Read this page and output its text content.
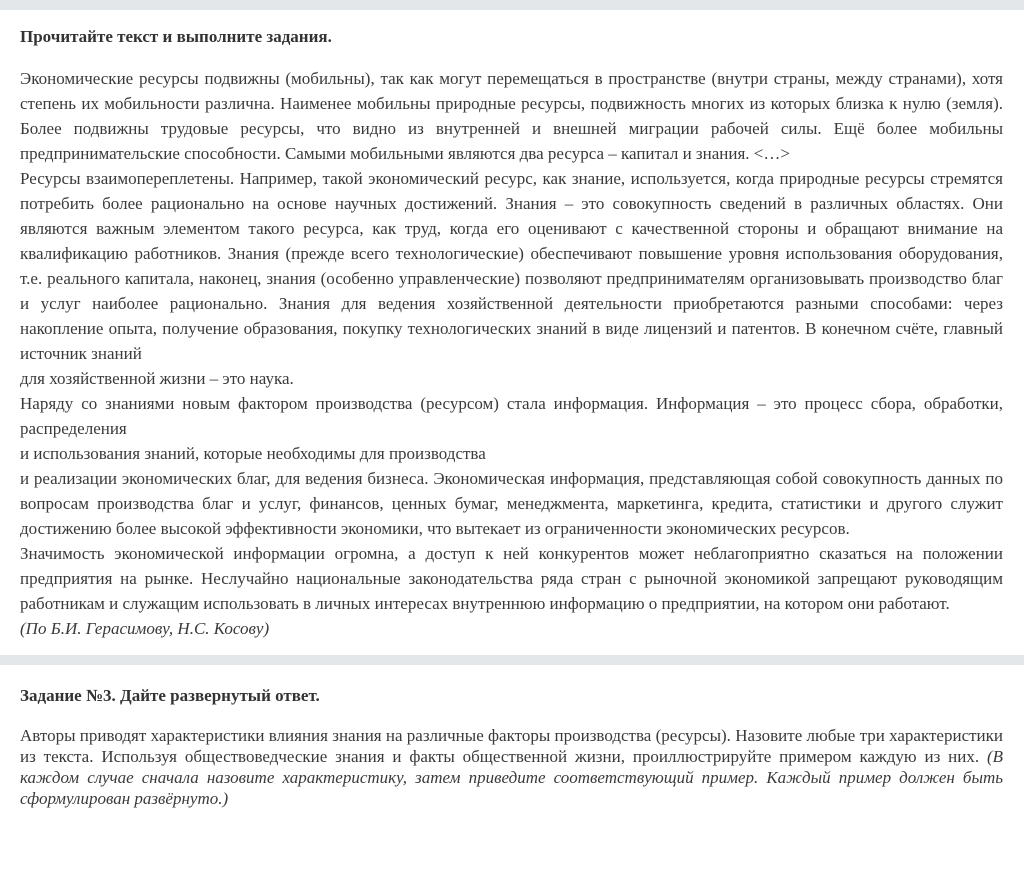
Прочитайте текст и выполните задания.

Экономические ресурсы подвижны (мобильны), так как могут перемещаться в пространстве (внутри страны, между странами), хотя степень их мобильности различна. Наименее мобильны природные ресурсы, подвижность многих из которых близка к нулю (земля). Более подвижны трудовые ресурсы, что видно из внутренней и внешней миграции рабочей силы. Ещё более мобильны предпринимательские способности. Самыми мобильными являются два ресурса – капитал и знания. <…>

Ресурсы взаимопереплетены. Например, такой экономический ресурс, как знание, используется, когда природные ресурсы стремятся потребить более рационально на основе научных достижений. Знания – это совокупность сведений в различных областях. Они являются важным элементом такого ресурса, как труд, когда его оценивают с качественной стороны и обращают внимание на квалификацию работников. Знания (прежде всего технологические) обеспечивают повышение уровня использования оборудования, т.е. реального капитала, наконец, знания (особенно управленческие) позволяют предпринимателям организовывать производство благ и услуг наиболее рационально. Знания для ведения хозяйственной деятельности приобретаются разными способами: через накопление опыта, получение образования, покупку технологических знаний в виде лицензий и патентов. В конечном счёте, главный источник знаний

для хозяйственной жизни – это наука.

Наряду со знаниями новым фактором производства (ресурсом) стала информация. Информация – это процесс сбора, обработки, распределения

и использования знаний, которые необходимы для производства

и реализации экономических благ, для ведения бизнеса. Экономическая информация, представляющая собой совокупность данных по вопросам производства благ и услуг, финансов, ценных бумаг, менеджмента, маркетинга, кредита, статистики и другого служит достижению более высокой эффективности экономики, что вытекает из ограниченности экономических ресурсов.

Значимость экономической информации огромна, а доступ к ней конкурентов может неблагоприятно сказаться на положении предприятия на рынке. Неслучайно национальные законодательства ряда стран с рыночной экономикой запрещают руководящим работникам и служащим использовать в личных интересах внутреннюю информацию о предприятии, на котором они работают.

(По Б.И. Герасимову, Н.С. Косову)

Задание №3. Дайте развернутый ответ.

Авторы приводят характеристики влияния знания на различные факторы производства (ресурсы). Назовите любые три характеристики из текста. Используя обществоведческие знания и факты общественной жизни, проиллюстрируйте примером каждую из них. (В каждом случае сначала назовите характеристику, затем приведите соответствующий пример. Каждый пример должен быть сформулирован развёрнуто.)
